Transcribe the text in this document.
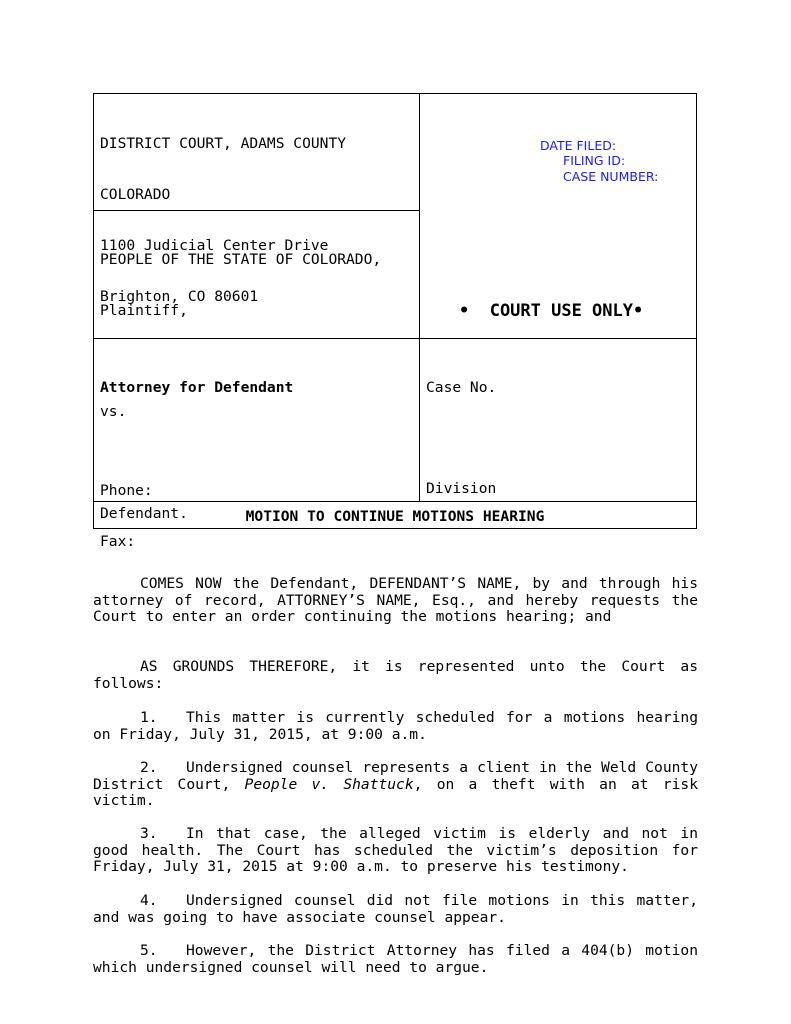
DISTRICT COURT, ADAMS COUNTY

COLORADO

1100 Judicial Center Drive

Brighton, CO 80601

PEOPLE OF THE STATE OF COLORADO,

Plaintiff,

vs.

Defendant.

DATE FILED:
FILING ID:
CASE NUMBER:
•  COURT USE ONLY•

Attorney for Defendant

Phone:

Fax:

Case No.

Division

MOTION TO CONTINUE MOTIONS HEARING

COMES NOW the Defendant, DEFENDANT’S NAME, by and through his attorney of record, ATTORNEY’S NAME, Esq., and hereby requests the Court to enter an order continuing the motions hearing; and

AS GROUNDS THEREFORE, it is represented unto the Court as follows:

1. This matter is currently scheduled for a motions hearing on Friday, July 31, 2015, at 9:00 a.m.

2. Undersigned counsel represents a client in the Weld County District Court, People v. Shattuck, on a theft with an at risk victim.

3. In that case, the alleged victim is elderly and not in good health. The Court has scheduled the victim’s deposition for Friday, July 31, 2015 at 9:00 a.m. to preserve his testimony.

4. Undersigned counsel did not file motions in this matter, and was going to have associate counsel appear.

5. However, the District Attorney has filed a 404(b) motion which undersigned counsel will need to argue.
